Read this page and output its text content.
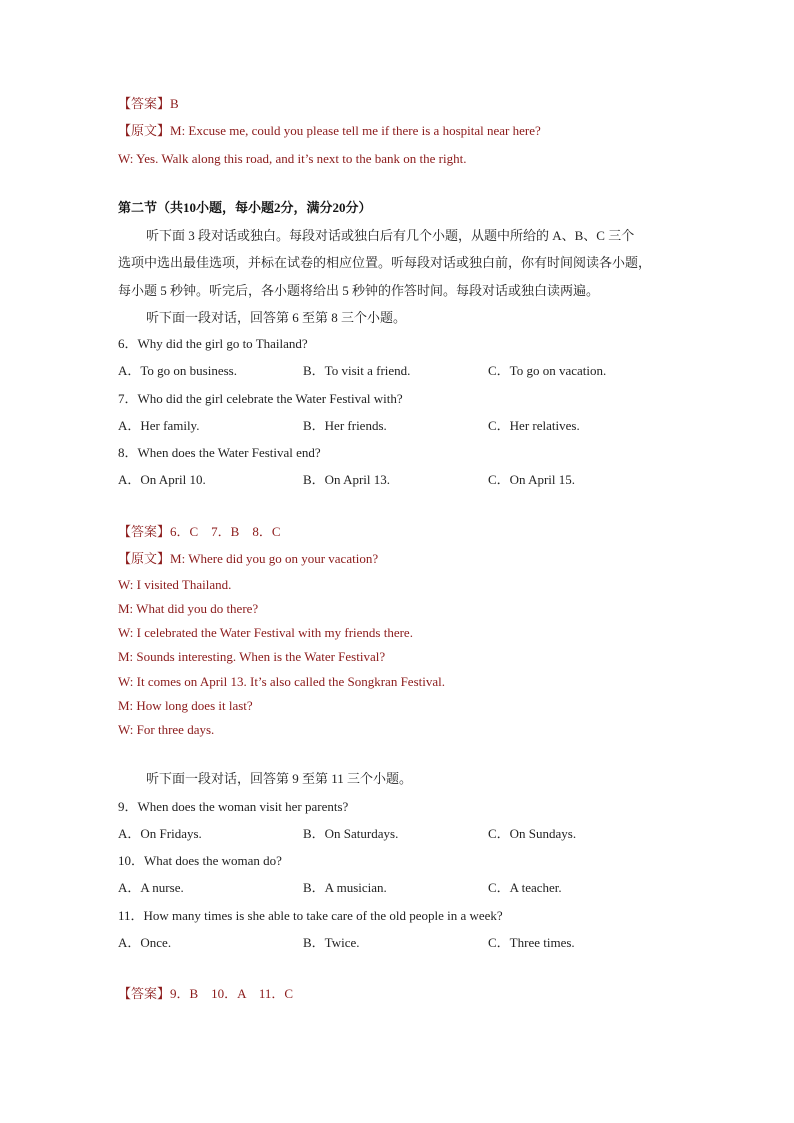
【答案】B
【原文】M: Excuse me, could you please tell me if there is a hospital near here?
W: Yes. Walk along this road, and it’s next to the bank on the right.
第二节（共10小题，每小题2分，满分20分）
听下面 3 段对话或独白。每段对话或独白后有几个小题，从题中所给的 A、B、C 三个
选项中选出最佳选项，并标在试卷的相应位置。听每段对话或独白前，你有时间阅读各小题，
每小题 5 秒钟。听完后，各小题将给出 5 秒钟的作答时间。每段对话或独白读两遍。
听下面一段对话，回答第 6 至第 8 三个小题。
6．Why did the girl go to Thailand?
A．To go on business.	B．To visit a friend.	C．To go on vacation.
7．Who did the girl celebrate the Water Festival with?
A．Her family.	B．Her friends.	C．Her relatives.
8．When does the Water Festival end?
A．On April 10.	B．On April 13.	C．On April 15.
【答案】6．C　7．B　8．C
【原文】M: Where did you go on your vacation?
W: I visited Thailand.
M: What did you do there?
W: I celebrated the Water Festival with my friends there.
M: Sounds interesting. When is the Water Festival?
W: It comes on April 13. It’s also called the Songkran Festival.
M: How long does it last?
W: For three days.
听下面一段对话，回答第 9 至第 11 三个小题。
9．When does the woman visit her parents?
A．On Fridays.	B．On Saturdays.	C．On Sundays.
10．What does the woman do?
A．A nurse.	B．A musician.	C．A teacher.
11．How many times is she able to take care of the old people in a week?
A．Once.	B．Twice.	C．Three times.
【答案】9．B　10．A　11．C
